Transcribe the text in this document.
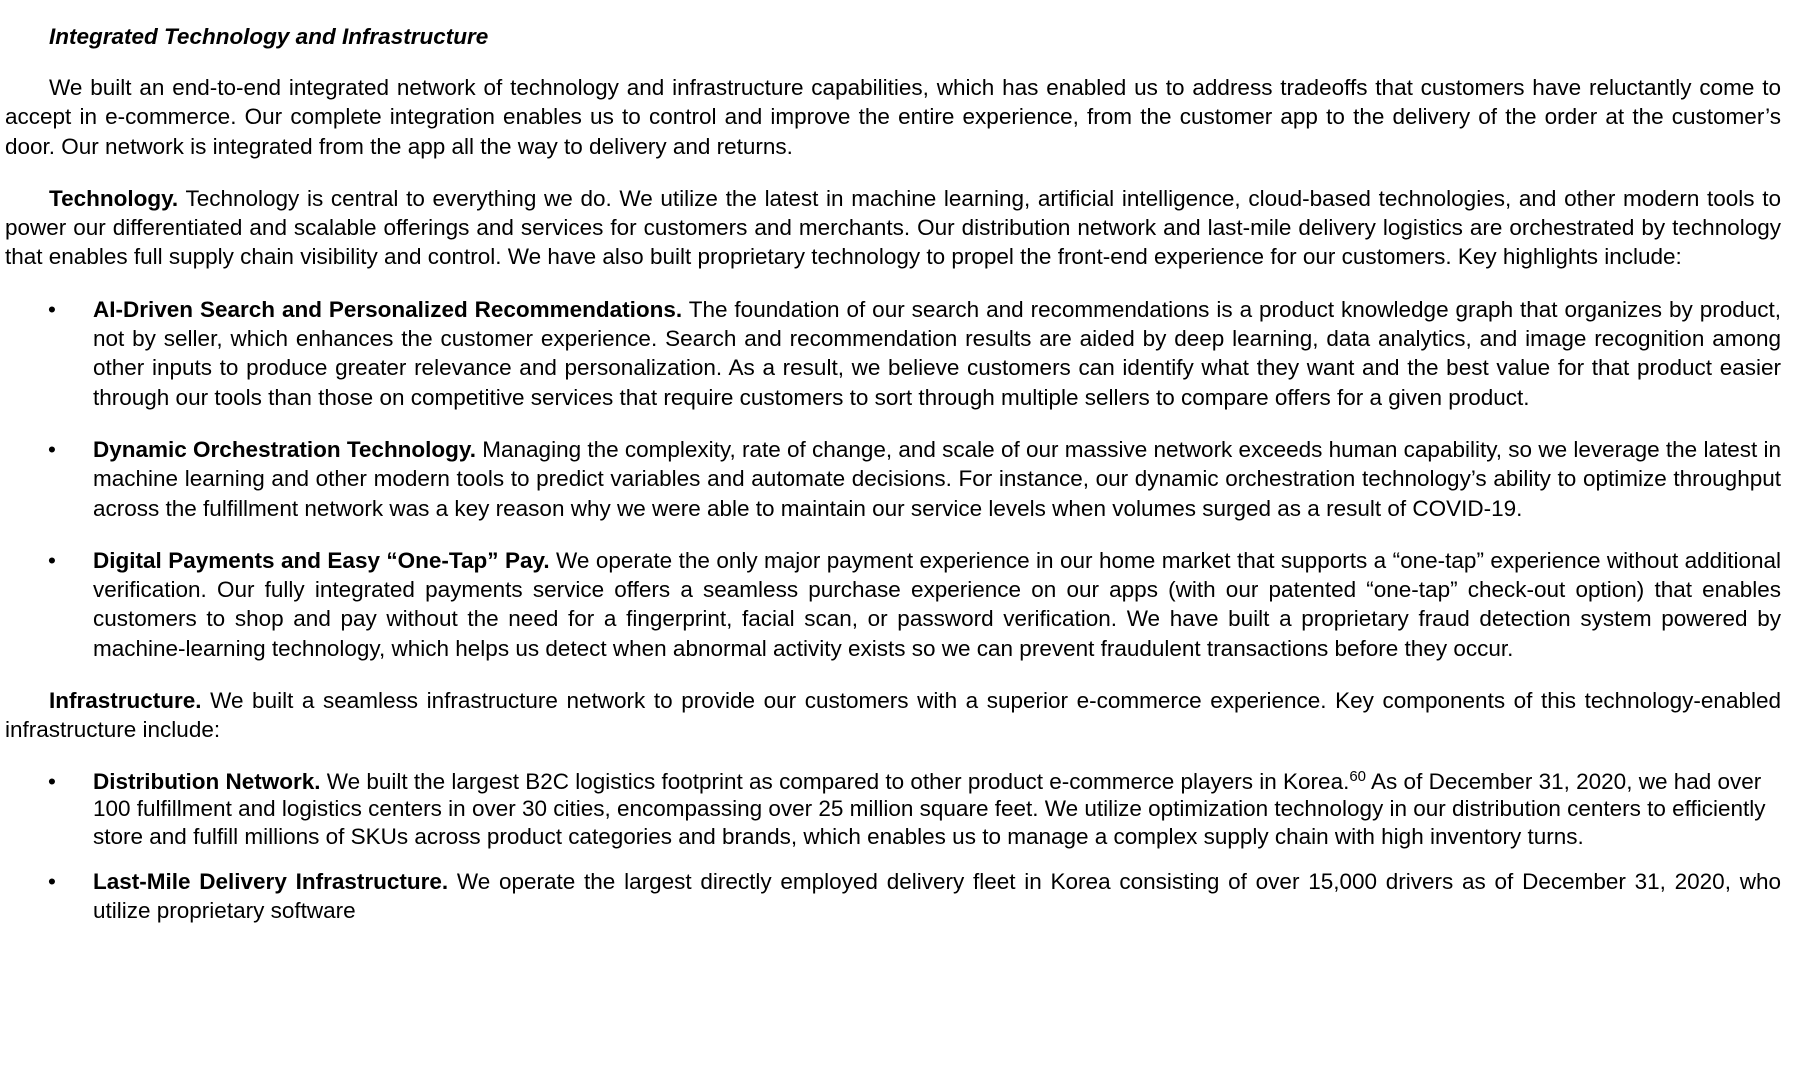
Integrated Technology and Infrastructure

We built an end-to-end integrated network of technology and infrastructure capabilities, which has enabled us to address tradeoffs that customers have reluctantly come to accept in e-commerce. Our complete integration enables us to control and improve the entire experience, from the customer app to the delivery of the order at the customer’s door. Our network is integrated from the app all the way to delivery and returns.

Technology. Technology is central to everything we do. We utilize the latest in machine learning, artificial intelligence, cloud-based technologies, and other modern tools to power our differentiated and scalable offerings and services for customers and merchants. Our distribution network and last-mile delivery logistics are orchestrated by technology that enables full supply chain visibility and control. We have also built proprietary technology to propel the front-end experience for our customers. Key highlights include:

• AI-Driven Search and Personalized Recommendations. The foundation of our search and recommendations is a product knowledge graph that organizes by product, not by seller, which enhances the customer experience. Search and recommendation results are aided by deep learning, data analytics, and image recognition among other inputs to produce greater relevance and personalization. As a result, we believe customers can identify what they want and the best value for that product easier through our tools than those on competitive services that require customers to sort through multiple sellers to compare offers for a given product.
• Dynamic Orchestration Technology. Managing the complexity, rate of change, and scale of our massive network exceeds human capability, so we leverage the latest in machine learning and other modern tools to predict variables and automate decisions. For instance, our dynamic orchestration technology’s ability to optimize throughput across the fulfillment network was a key reason why we were able to maintain our service levels when volumes surged as a result of COVID-19.
• Digital Payments and Easy “One-Tap” Pay. We operate the only major payment experience in our home market that supports a “one-tap” experience without additional verification. Our fully integrated payments service offers a seamless purchase experience on our apps (with our patented “one-tap” check-out option) that enables customers to shop and pay without the need for a fingerprint, facial scan, or password verification. We have built a proprietary fraud detection system powered by machine-learning technology, which helps us detect when abnormal activity exists so we can prevent fraudulent transactions before they occur.

Infrastructure. We built a seamless infrastructure network to provide our customers with a superior e-commerce experience. Key components of this technology-enabled infrastructure include:

• Distribution Network. We built the largest B2C logistics footprint as compared to other product e-commerce players in Korea.$^{60}$ As of December 31, 2020, we had over 100 fulfillment and logistics centers in over 30 cities, encompassing over 25 million square feet. We utilize optimization technology in our distribution centers to efficiently store and fulfill millions of SKUs across product categories and brands, which enables us to manage a complex supply chain with high inventory turns.
• Last-Mile Delivery Infrastructure. We operate the largest directly employed delivery fleet in Korea consisting of over 15,000 drivers as of December 31, 2020, who utilize proprietary software
